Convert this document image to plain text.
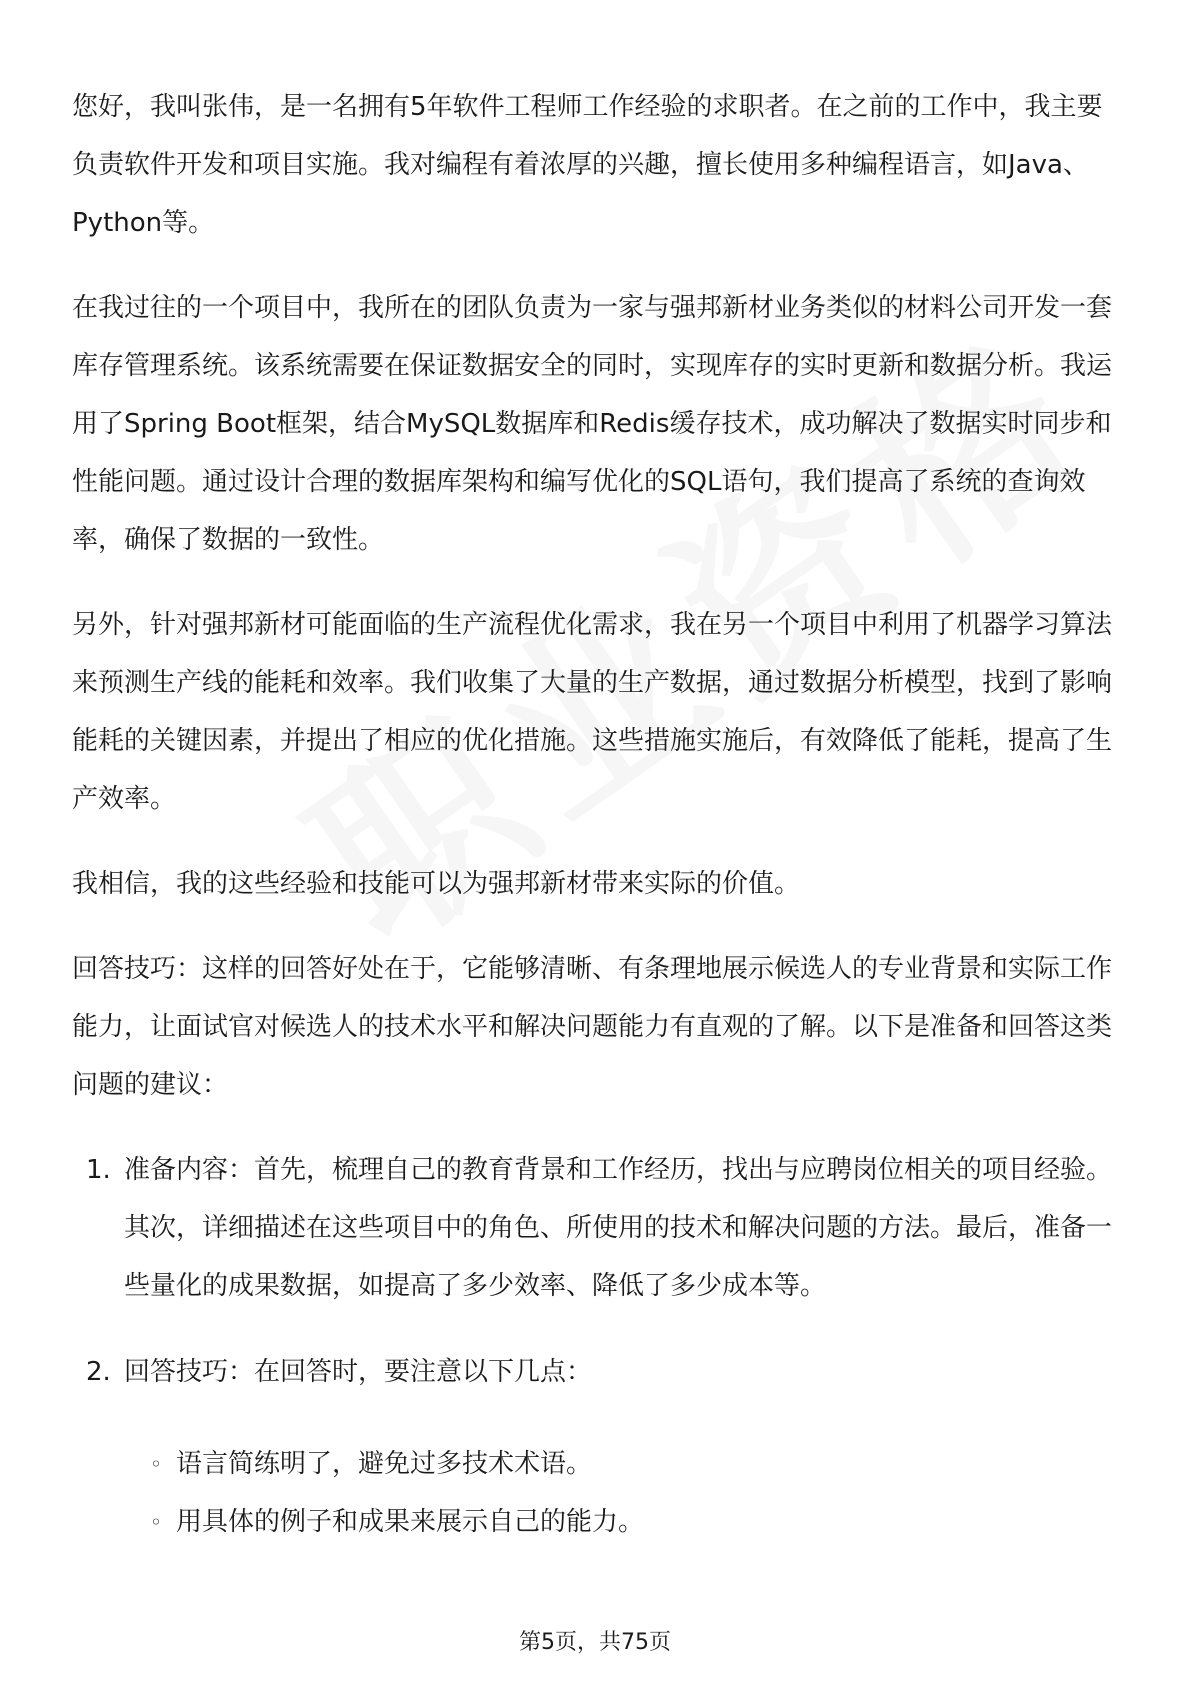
您好，我叫张伟，是一名拥有5年软件工程师工作经验的求职者。在之前的工作中，我主要负责软件开发和项目实施。我对编程有着浓厚的兴趣，擅长使用多种编程语言，如Java、Python等。

在我过往的一个项目中，我所在的团队负责为一家与强邦新材业务类似的材料公司开发一套库存管理系统。该系统需要在保证数据安全的同时，实现库存的实时更新和数据分析。我运用了Spring Boot框架，结合MySQL数据库和Redis缓存技术，成功解决了数据实时同步和性能问题。通过设计合理的数据库架构和编写优化的SQL语句，我们提高了系统的查询效率，确保了数据的一致性。

另外，针对强邦新材可能面临的生产流程优化需求，我在另一个项目中利用了机器学习算法来预测生产线的能耗和效率。我们收集了大量的生产数据，通过数据分析模型，找到了影响能耗的关键因素，并提出了相应的优化措施。这些措施实施后，有效降低了能耗，提高了生产效率。

我相信，我的这些经验和技能可以为强邦新材带来实际的价值。

回答技巧：这样的回答好处在于，它能够清晰、有条理地展示候选人的专业背景和实际工作能力，让面试官对候选人的技术水平和解决问题能力有直观的了解。以下是准备和回答这类问题的建议：

1. 准备内容：首先，梳理自己的教育背景和工作经历，找出与应聘岗位相关的项目经验。其次，详细描述在这些项目中的角色、所使用的技术和解决问题的方法。最后，准备一些量化的成果数据，如提高了多少效率、降低了多少成本等。
2. 回答技巧：在回答时，要注意以下几点：
◦ 语言简练明了，避免过多技术术语。
◦ 用具体的例子和成果来展示自己的能力。
第5页，共75页
